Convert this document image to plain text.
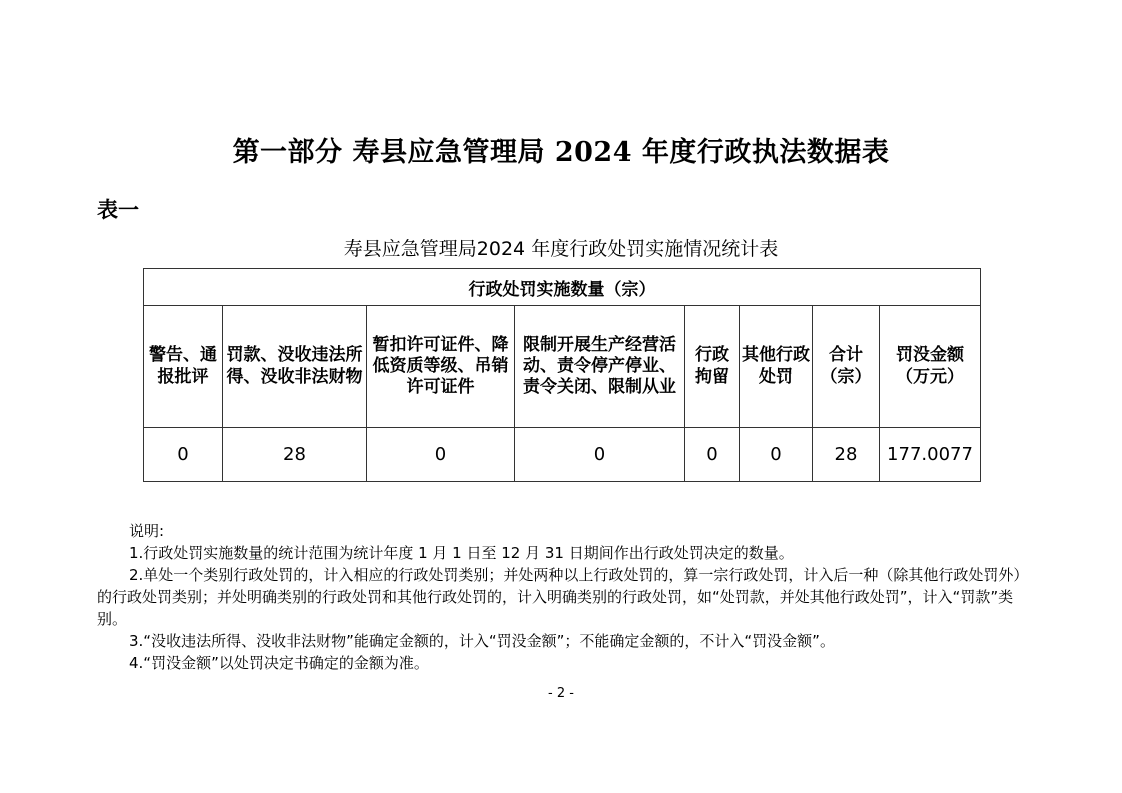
第一部分 寿县应急管理局 2024 年度行政执法数据表
表一
寿县应急管理局2024 年度行政处罚实施情况统计表
行政处罚实施数量（宗）							
警告、通报批评	罚款、没收违法所得、没收非法财物	暂扣许可证件、降低资质等级、吊销许可证件	限制开展生产经营活动、责令停产停业、责令关闭、限制从业	行政拘留	其他行政处罚	合计（宗）	罚没金额（万元）
0	28	0	0	0	0	28	177.0077

说明:

1.行政处罚实施数量的统计范围为统计年度 1 月 1 日至 12 月 31 日期间作出行政处罚决定的数量。

2.单处一个类别行政处罚的，计入相应的行政处罚类别；并处两种以上行政处罚的，算一宗行政处罚，计入后一种（除其他行政处罚外）的行政处罚类别；并处明确类别的行政处罚和其他行政处罚的，计入明确类别的行政处罚，如“处罚款，并处其他行政处罚”，计入“罚款”类别。

3.“没收违法所得、没收非法财物”能确定金额的，计入“罚没金额”；不能确定金额的，不计入“罚没金额”。

4.“罚没金额”以处罚决定书确定的金额为准。

- 2 -
